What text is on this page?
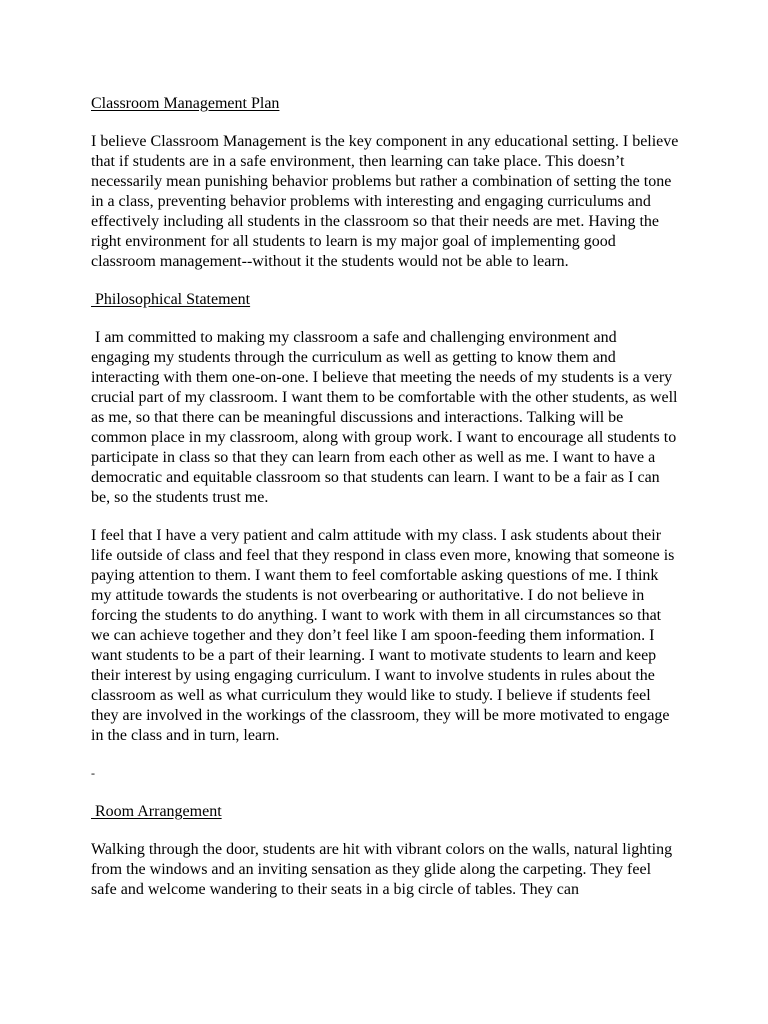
Classroom Management Plan

I believe Classroom Management is the key component in any educational setting. I believe that if students are in a safe environment, then learning can take place. This doesn’t necessarily mean punishing behavior problems but rather a combination of setting the tone in a class, preventing behavior problems with interesting and engaging curriculums and effectively including all students in the classroom so that their needs are met. Having the right environment for all students to learn is my major goal of implementing good classroom management--without it the students would not be able to learn.

Philosophical Statement

I am committed to making my classroom a safe and challenging environment and engaging my students through the curriculum as well as getting to know them and interacting with them one-on-one. I believe that meeting the needs of my students is a very crucial part of my classroom. I want them to be comfortable with the other students, as well as me, so that there can be meaningful discussions and interactions. Talking will be common place in my classroom, along with group work. I want to encourage all students to participate in class so that they can learn from each other as well as me. I want to have a democratic and equitable classroom so that students can learn. I want to be a fair as I can be, so the students trust me.

I feel that I have a very patient and calm attitude with my class. I ask students about their life outside of class and feel that they respond in class even more, knowing that someone is paying attention to them. I want them to feel comfortable asking questions of me. I think my attitude towards the students is not overbearing or authoritative. I do not believe in forcing the students to do anything. I want to work with them in all circumstances so that we can achieve together and they don’t feel like I am spoon-feeding them information. I want students to be a part of their learning. I want to motivate students to learn and keep their interest by using engaging curriculum. I want to involve students in rules about the classroom as well as what curriculum they would like to study. I believe if students feel they are involved in the workings of the classroom, they will be more motivated to engage in the class and in turn, learn.

-
Room Arrangement

Walking through the door, students are hit with vibrant colors on the walls, natural lighting from the windows and an inviting sensation as they glide along the carpeting. They feel safe and welcome wandering to their seats in a big circle of tables. They can
